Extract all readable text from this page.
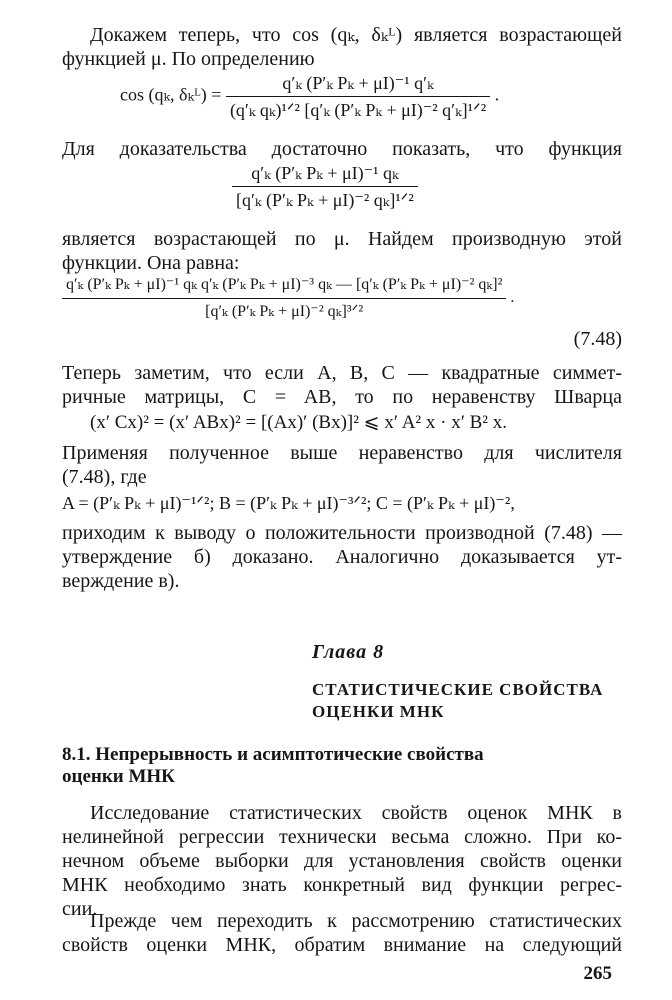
Докажем теперь, что cos (qₖ, δₖᴸ) является возрастающей
функцией μ. По определению
cos (qₖ, δₖᴸ) = $\frac{\text{q′ₖ (P′ₖ Pₖ + μI)⁻¹ q′ₖ}}{\text{(q′ₖ qₖ)¹ᐟ² [q′ₖ (P′ₖ Pₖ + μI)⁻² q′ₖ]¹ᐟ²}}$ .
Для доказательства достаточно показать, что функция
$\frac{\text{q′ₖ (P′ₖ Pₖ + μI)⁻¹ qₖ}}{\text{[q′ₖ (P′ₖ Pₖ + μI)⁻² qₖ]¹ᐟ²}}$
является возрастающей по μ. Найдем производную этой
функции. Она равна:
q′ₖ (P′ₖ Pₖ + μI)⁻¹ qₖ q′ₖ (P′ₖ Pₖ + μI)⁻³ qₖ — [q′ₖ (P′ₖ Pₖ + μI)⁻² qₖ]²
[q′ₖ (P′ₖ Pₖ + μI)⁻² qₖ]³ᐟ²
.
(7.48)
Теперь заметим, что если A, B, C — квадратные симмет-
ричные матрицы, C = AB, то по неравенству Шварца
(x′ Cx)² = (x′ ABx)² = [(Ax)′ (Bx)]² ⩽ x′ A² x · x′ B² x.
Применяя полученное выше неравенство для числителя
(7.48), где
A = (P′ₖ Pₖ + μI)⁻¹ᐟ²; B = (P′ₖ Pₖ + μI)⁻³ᐟ²; C = (P′ₖ Pₖ + μI)⁻²,
приходим к выводу о положительности производной (7.48) —
утверждение б) доказано. Аналогично доказывается ут-
верждение в).
Глава 8
СТАТИСТИЧЕСКИЕ СВОЙСТВА
ОЦЕНКИ МНК
8.1. Непрерывность и асимптотические свойства
оценки МНК
Исследование статистических свойств оценок МНК в
нелинейной регрессии технически весьма сложно. При ко-
нечном объеме выборки для установления свойств оценки
МНК необходимо знать конкретный вид функции регрес-
сии.
Прежде чем переходить к рассмотрению статистических
свойств оценки МНК, обратим внимание на следующий
265
